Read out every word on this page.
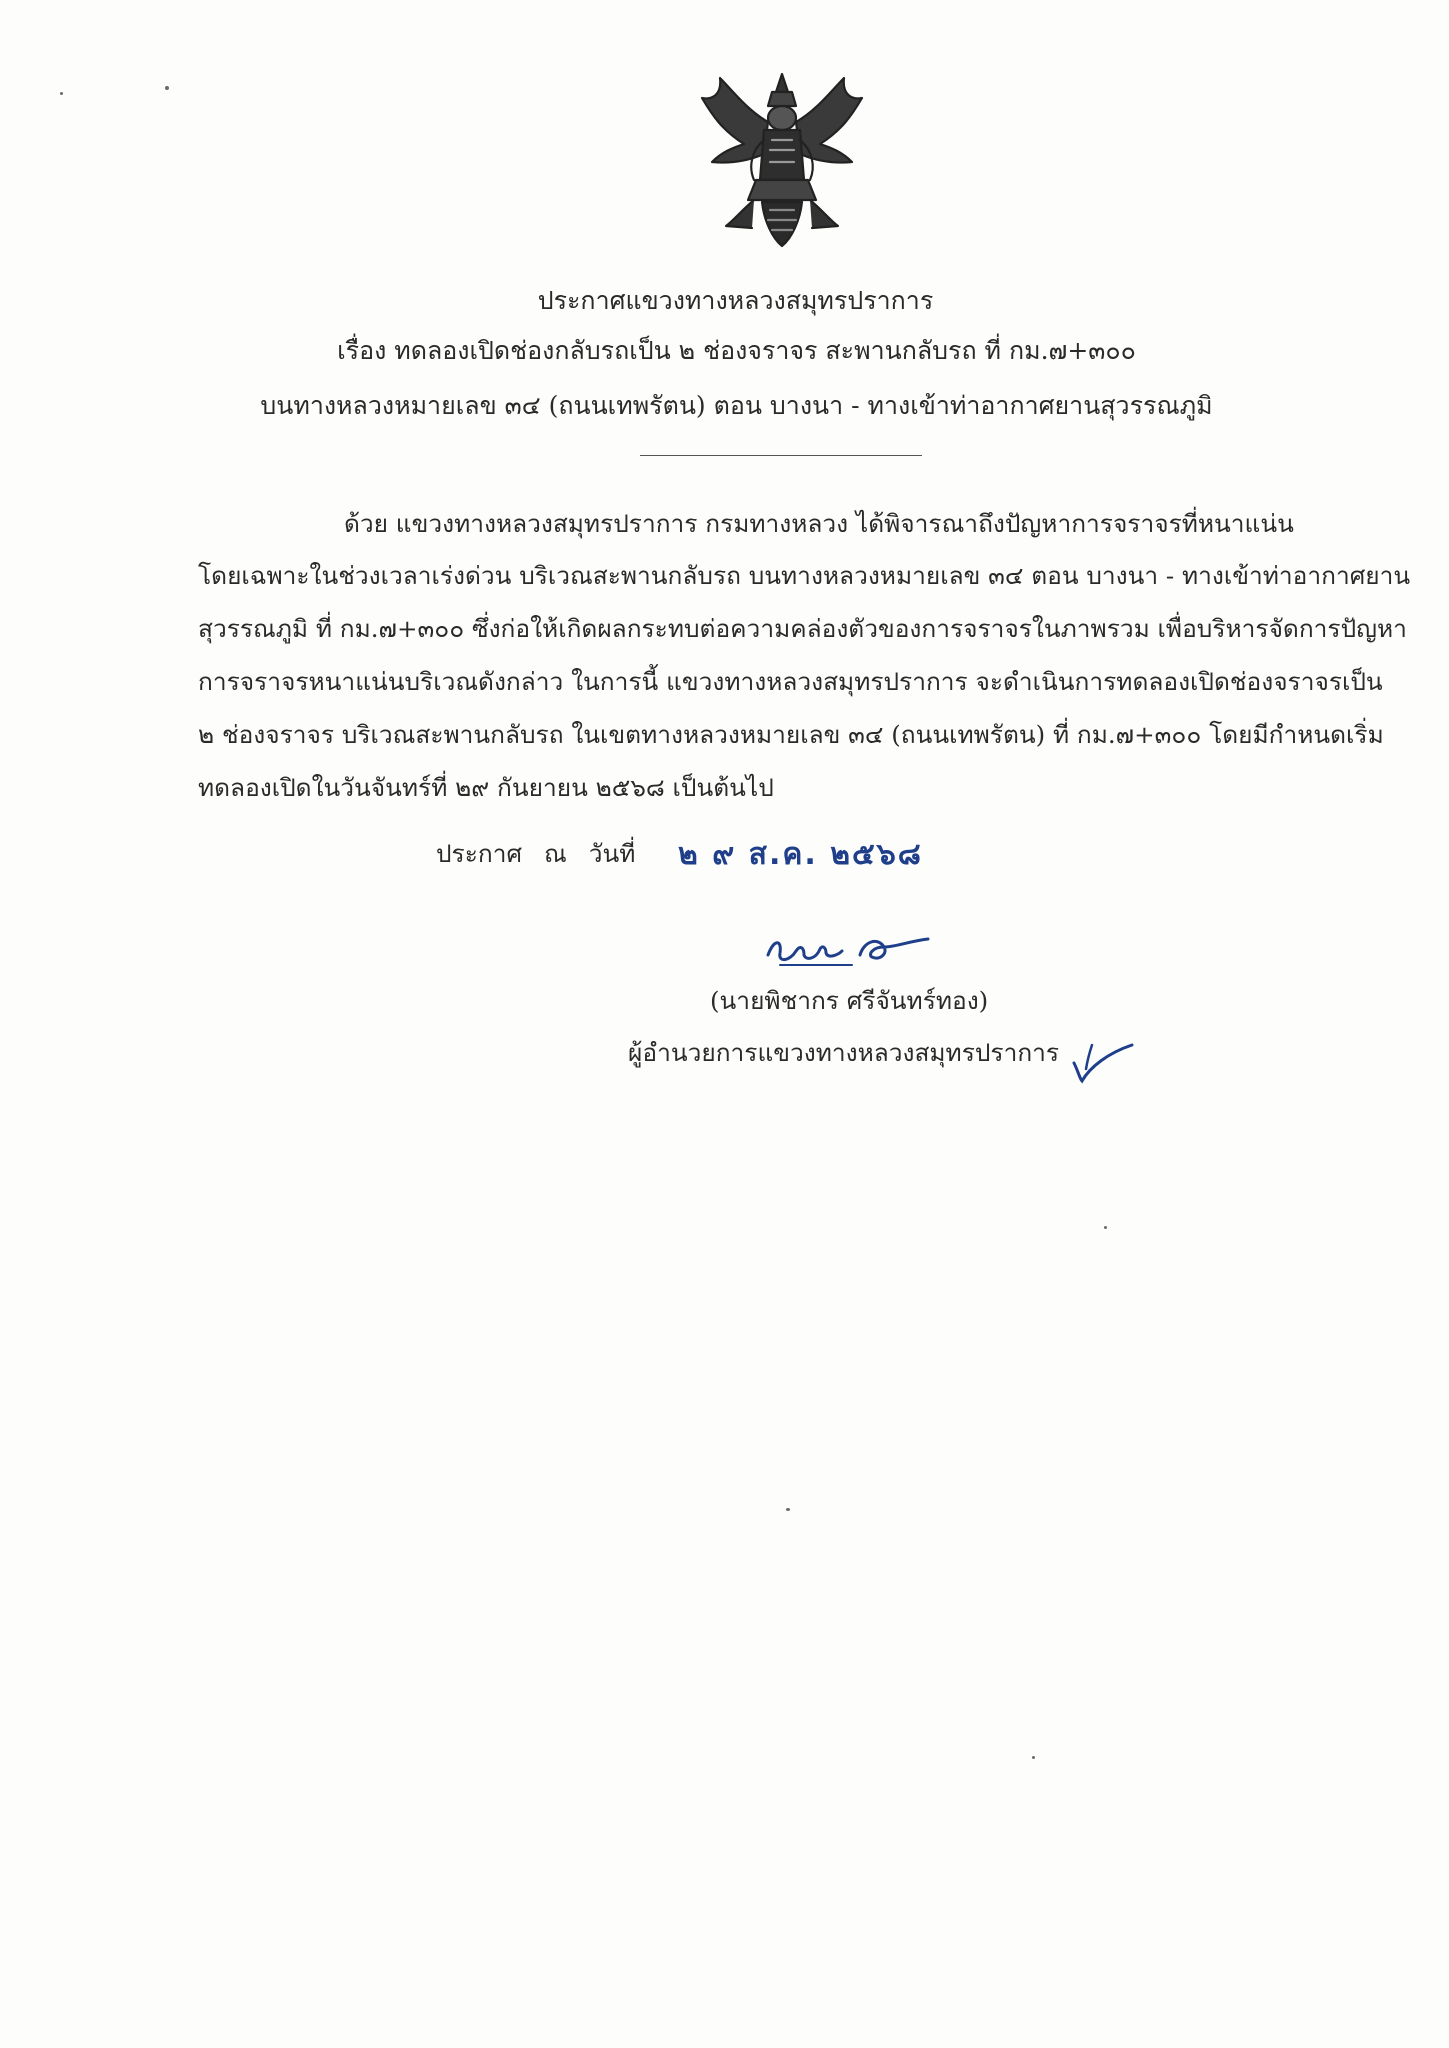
ประกาศแขวงทางหลวงสมุทรปราการ
เรื่อง ทดลองเปิดช่องกลับรถเป็น ๒ ช่องจราจร สะพานกลับรถ ที่ กม.๗+๓๐๐
บนทางหลวงหมายเลข ๓๔ (ถนนเทพรัตน) ตอน บางนา - ทางเข้าท่าอากาศยานสุวรรณภูมิ
ด้วย แขวงทางหลวงสมุทรปราการ กรมทางหลวง ได้พิจารณาถึงปัญหาการจราจรที่หนาแน่น
โดยเฉพาะในช่วงเวลาเร่งด่วน บริเวณสะพานกลับรถ บนทางหลวงหมายเลข ๓๔ ตอน บางนา - ทางเข้าท่าอากาศยาน
สุวรรณภูมิ ที่ กม.๗+๓๐๐ ซึ่งก่อให้เกิดผลกระทบต่อความคล่องตัวของการจราจรในภาพรวม เพื่อบริหารจัดการปัญหา
การจราจรหนาแน่นบริเวณดังกล่าว ในการนี้ แขวงทางหลวงสมุทรปราการ จะดำเนินการทดลองเปิดช่องจราจรเป็น
๒ ช่องจราจร บริเวณสะพานกลับรถ ในเขตทางหลวงหมายเลข ๓๔ (ถนนเทพรัตน) ที่ กม.๗+๓๐๐ โดยมีกำหนดเริ่ม
ทดลองเปิดในวันจันทร์ที่ ๒๙ กันยายน ๒๕๖๘ เป็นต้นไป
ประกาศ ณ วันที่ ๒ ๙ ส.ค. ๒๕๖๘
(นายพิชากร ศรีจันทร์ทอง)
ผู้อำนวยการแขวงทางหลวงสมุทรปราการ
